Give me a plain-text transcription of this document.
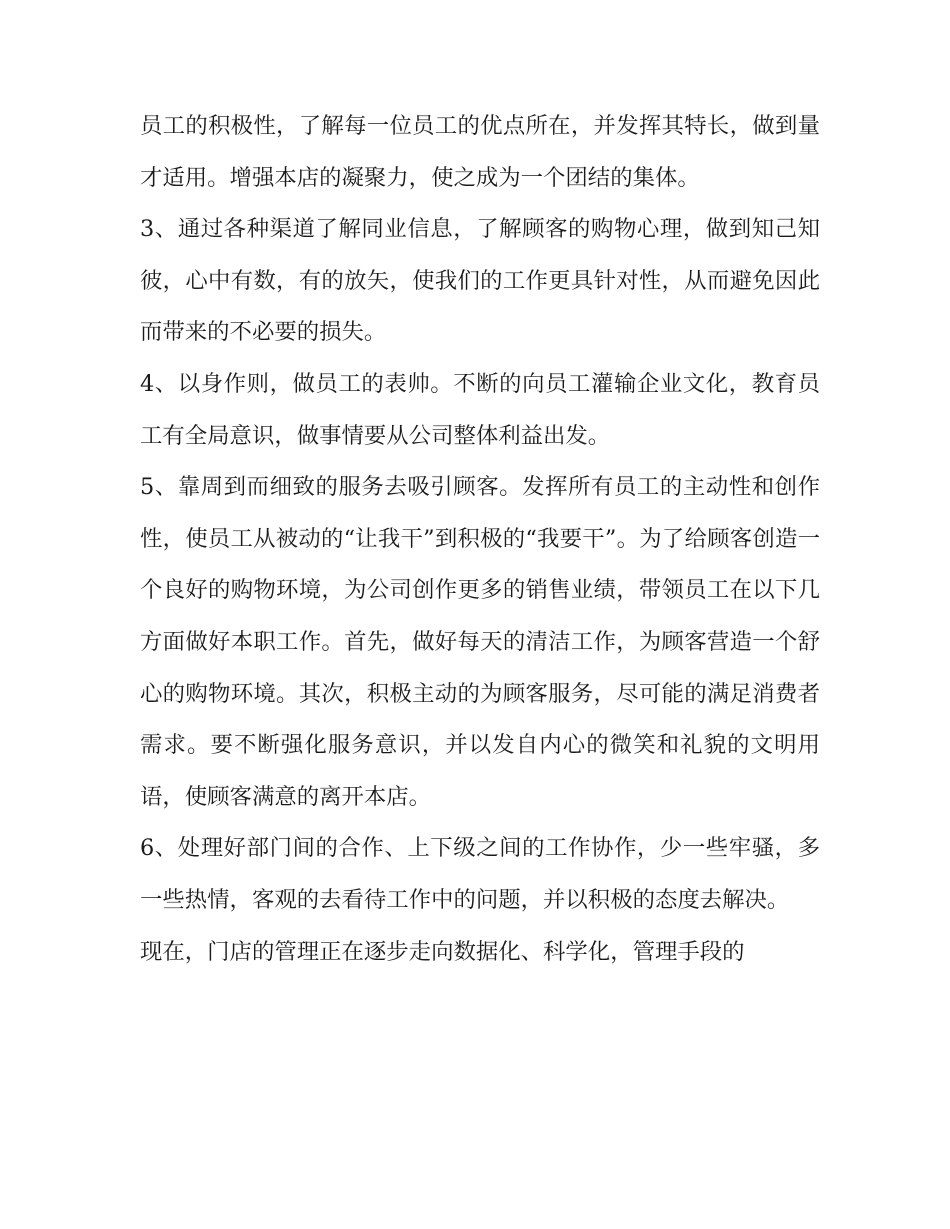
员工的积极性，了解每一位员工的优点所在，并发挥其特长，做到量才适用。增强本店的凝聚力，使之成为一个团结的集体。

3、通过各种渠道了解同业信息，了解顾客的购物心理，做到知己知彼，心中有数，有的放矢，使我们的工作更具针对性，从而避免因此而带来的不必要的损失。

4、以身作则，做员工的表帅。不断的向员工灌输企业文化，教育员工有全局意识，做事情要从公司整体利益出发。

5、靠周到而细致的服务去吸引顾客。发挥所有员工的主动性和创作性，使员工从被动的“让我干”到积极的“我要干”。为了给顾客创造一个良好的购物环境，为公司创作更多的销售业绩，带领员工在以下几方面做好本职工作。首先，做好每天的清洁工作，为顾客营造一个舒心的购物环境。其次，积极主动的为顾客服务，尽可能的满足消费者需求。要不断强化服务意识，并以发自内心的微笑和礼貌的文明用语，使顾客满意的离开本店。

6、处理好部门间的合作、上下级之间的工作协作，少一些牢骚，多一些热情，客观的去看待工作中的问题，并以积极的态度去解决。

现在，门店的管理正在逐步走向数据化、科学化，管理手段的
